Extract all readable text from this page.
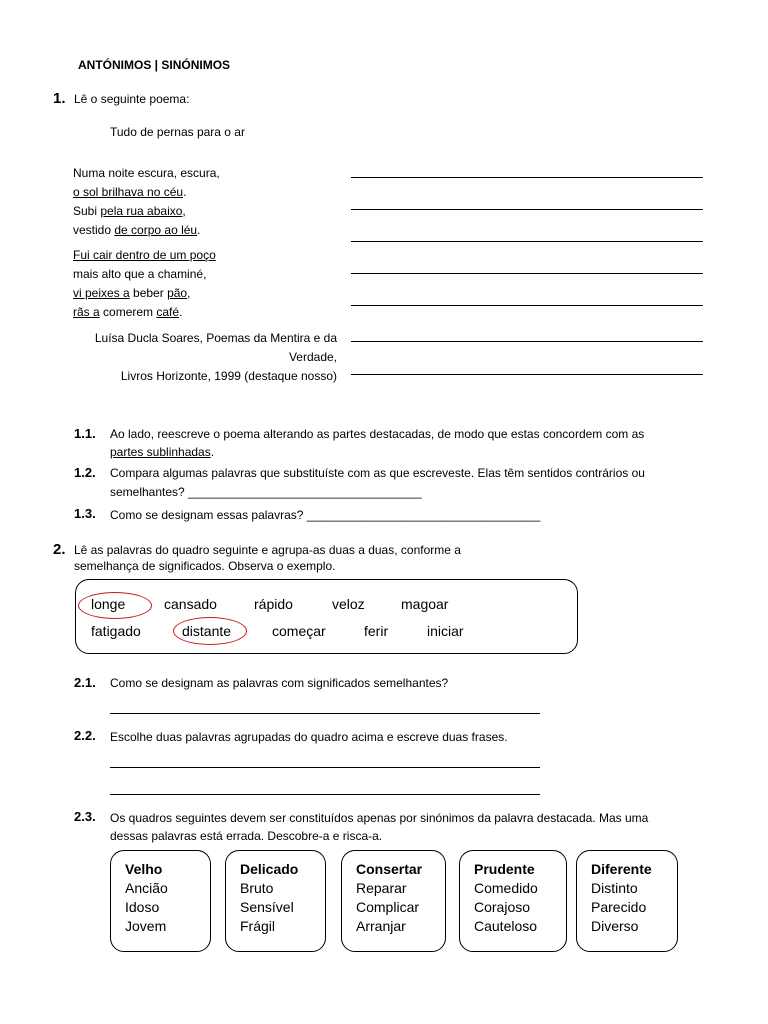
ANTÓNIMOS | SINÓNIMOS
1. Lê o seguinte poema:
Tudo de pernas para o ar
Numa noite escura, escura,
o sol brilhava no céu.
Subi pela rua abaixo,
vestido de corpo ao léu.
Fui cair dentro de um poço
mais alto que a chaminé,
vi peixes a beber pão,
rãs a comerem café.
Luísa Ducla Soares, Poemas da Mentira e da
Verdade,
Livros Horizonte, 1999 (destaque nosso)
1.1. Ao lado, reescreve o poema alterando as partes destacadas, de modo que estas concordem com as
partes sublinhadas.
1.2. Compara algumas palavras que substituíste com as que escreveste. Elas têm sentidos contrários ou
semelhantes? ___________________________________
1.3. Como se designam essas palavras? ___________________________________
2. Lê as palavras do quadro seguinte e agrupa-as duas a duas, conforme a
semelhança de significados. Observa o exemplo.
longe	cansado	rápido	veloz	magoar
fatigado	distante	começar	ferir	iniciar
2.1. Como se designam as palavras com significados semelhantes?
2.2. Escolhe duas palavras agrupadas do quadro acima e escreve duas frases.
2.3. Os quadros seguintes devem ser constituídos apenas por sinónimos da palavra destacada. Mas uma
dessas palavras está errada. Descobre-a e risca-a.
Velho
Ancião
Idoso
Jovem
Delicado
Bruto
Sensível
Frágil
Consertar
Reparar
Complicar
Arranjar
Prudente
Comedido
Corajoso
Cauteloso
Diferente
Distinto
Parecido
Diverso
